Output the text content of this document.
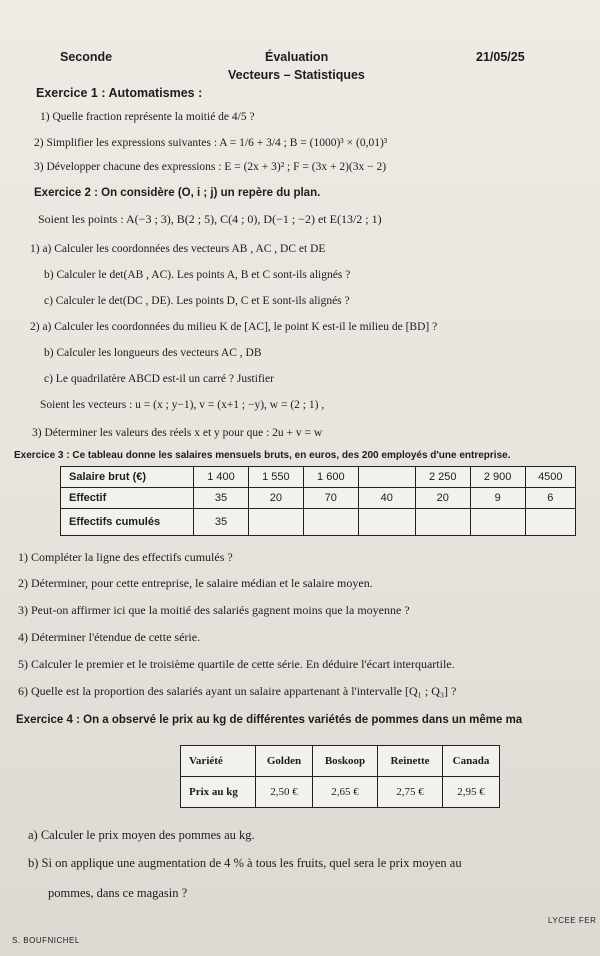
Seconde	Évaluation	21/05/25
Vecteurs – Statistiques
Exercice 1 : Automatismes :
1) Quelle fraction représente la moitié de 4/5 ?
2) Simplifier les expressions suivantes : A = 1/6 + 3/4 ; B = (1000)³ × (0,01)³
3) Développer chacune des expressions : E = (2x + 3)² ; F = (3x + 2)(3x − 2)
Exercice 2 : On considère (O, i ; j) un repère du plan.
Soient les points : A(−3 ; 3), B(2 ; 5), C(4 ; 0), D(−1 ; −2) et E(13/2 ; 1)
1) a) Calculer les coordonnées des vecteurs AB , AC , DC et DE
b) Calculer le det(AB , AC). Les points A, B et C sont-ils alignés ?
c) Calculer le det(DC , DE). Les points D, C et E sont-ils alignés ?
2) a) Calculer les coordonnées du milieu K de [AC], le point K est-il le milieu de [BD] ?
b) Calculer les longueurs des vecteurs AC , DB
c) Le quadrilatère ABCD est-il un carré ? Justifier
Soient les vecteurs : u = (x ; y−1), v = (x+1 ; −y), w = (2 ; 1) ,
3) Déterminer les valeurs des réels x et y pour que : 2u + v = w
Exercice 3 : Ce tableau donne les salaires mensuels bruts, en euros, des 200 employés d'une entreprise.
Salaire brut (€)	1 400	1 550	1 600		2 250	2 900	4500
Effectif	35	20	70	40	20	9	6
Effectifs cumulés	35						
1) Compléter la ligne des effectifs cumulés ?
2) Déterminer, pour cette entreprise, le salaire médian et le salaire moyen.
3) Peut-on affirmer ici que la moitié des salariés gagnent moins que la moyenne ?
4) Déterminer l'étendue de cette série.
5) Calculer le premier et le troisième quartile de cette série. En déduire l'écart interquartile.
6) Quelle est la proportion des salariés ayant un salaire appartenant à l'intervalle [Q₁ ; Q₃] ?
Exercice 4 : On a observé le prix au kg de différentes variétés de pommes dans un même ma
Variété	Golden	Boskoop	Reinette	Canada
Prix au kg	2,50 €	2,65 €	2,75 €	2,95 €
a) Calculer le prix moyen des pommes au kg.
b) Si on applique une augmentation de 4 % à tous les fruits, quel sera le prix moyen au
pommes, dans ce magasin ?
S. BOUFNICHEL
LYCEE FER
